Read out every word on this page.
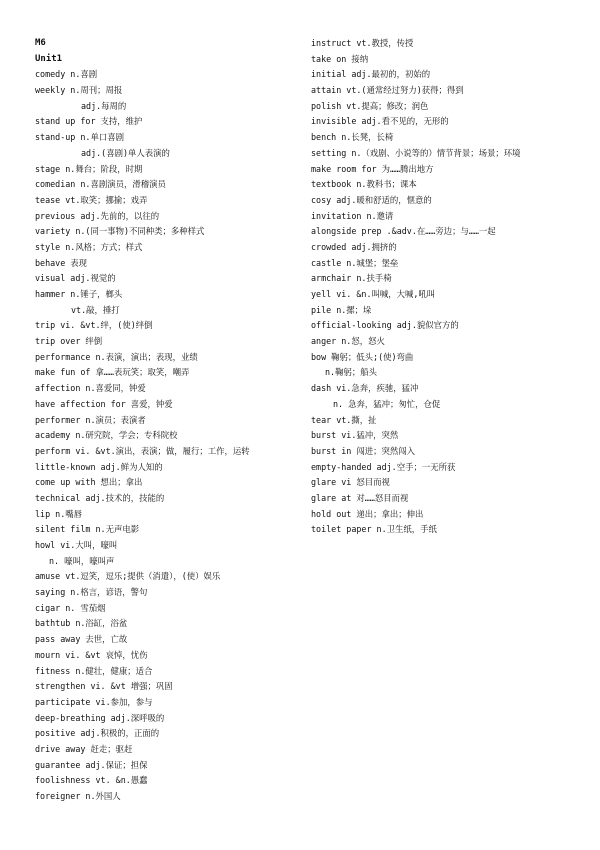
M6
Unit1
comedy n.喜剧
weekly n.周刊；周报
adj.每周的
stand up for 支持，维护
stand-up n.单口喜剧
adj.(喜剧)单人表演的
stage n.舞台；阶段，时期
comedian n.喜剧演员，滑稽演员
tease vt.取笑；挪揄；戏弄
previous adj.先前的，以往的
variety n.(同一事物)不同种类；多种样式
style n.风格；方式；样式
behave 表现
visual adj.视觉的
hammer n.锤子，榔头
vt.敲，捶打
trip vi. &vt.绊，(使)绊倒
trip over 绊倒
performance n.表演，演出；表现，业绩
make fun of 拿……表玩笑；取笑，嘲弄
affection n.喜爱同，钟爱
have affection for 喜爱，钟爱
performer n.演员；表演者
academy n.研究院，学会；专科院校
perform vi. &vt.演出，表演；做，履行；工作，运转
little-known adj.鲜为人知的
come up with 想出；拿出
technical adj.技术的，技能的
lip n.嘴唇
silent film n.无声电影
howl vi.大叫，嚎叫
n. 嚎叫，嚎叫声
amuse vt.逗笑，逗乐;提供（消遣），(使）娱乐
saying n.格言，谚语，警句
cigar n. 雪茄烟
bathtub n.浴缸，浴盆
pass away 去世，亡故
mourn vi. &vt 哀悼，忧伤
fitness n.健壮，健康；适合
strengthen vi. &vt 增强；巩固
participate vi.参加，参与
deep-breathing adj.深呼吸的
positive adj.积极的，正面的
drive away 赶走；驱赶
guarantee adj.保证；担保
foolishness vt. &n.愚蠢
foreigner n.外国人
instruct vt.教授，传授
take on 接纳
initial adj.最初的，初始的
attain vt.(通常经过努力)获得；得到
polish vt.提高；修改；润色
invisible adj.看不见的，无形的
bench n.长凳，长椅
setting n.（戏剧、小说等的）情节背景；场景；环境
make room for 为……腾出地方
textbook n.教科书；课本
cosy adj.暖和舒适的，惬意的
invitation n.邀请
alongside prep .&adv.在……旁边；与……一起
crowded adj.拥挤的
castle n.城堡；堡垒
armchair n.扶手椅
yell vi. &n.叫喊，大喊,吼叫
pile n.摞；垛
official-looking adj.貌似官方的
anger n.怒，怒火
bow 鞠躬；低头;(使)弯曲
n.鞠躬；船头
dash vi.急奔，疾驰，猛冲
n. 急奔，猛冲；匆忙，仓促
tear vt.撕，扯
burst vi.猛冲，突然
burst in 闯进；突然闯入
empty-handed adj.空手；一无所获
glare vi 怒目而视
glare at 对……怒目而视
hold out 递出；拿出；伸出
toilet paper n.卫生纸，手纸
